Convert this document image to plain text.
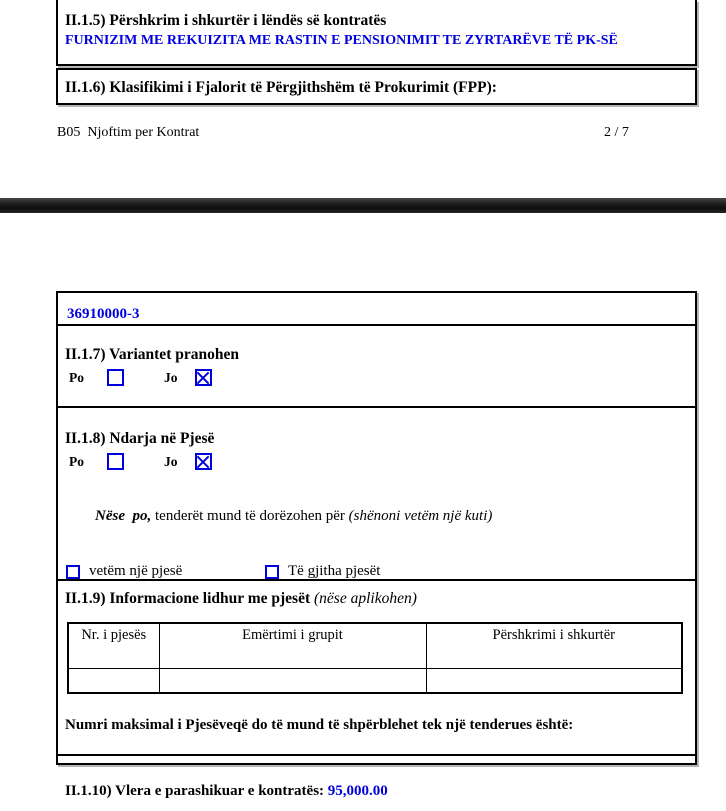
II.1.5) Përshkrim i shkurtër i lëndës së kontratës
FURNIZIM ME REKUIZITA ME RASTIN E PENSIONIMIT TE ZYRTARËVE TË PK-SË
II.1.6) Klasifikimi i Fjalorit të Përgjithshëm të Prokurimit (FPP):
B05  Njoftim per Kontrat	2 / 7
36910000-3
II.1.7) Variantet pranohen
Po	Jo
II.1.8) Ndarja në Pjesë
Po	Jo

Nëse  po, tenderët mund të dorëzohen për (shënoni vetëm një kuti)

vetëm një pjesë	Të gjitha pjesët
II.1.9) Informacione lidhur me pjesët (nëse aplikohen)
Nr. i pjesës	Emërtimi i grupit	Përshkrimi i shkurtër

Numri maksimal i Pjesëveqë do të mund të shpërblehet tek një tenderues është:
II.1.10) Vlera e parashikuar e kontratës: 95,000.00
